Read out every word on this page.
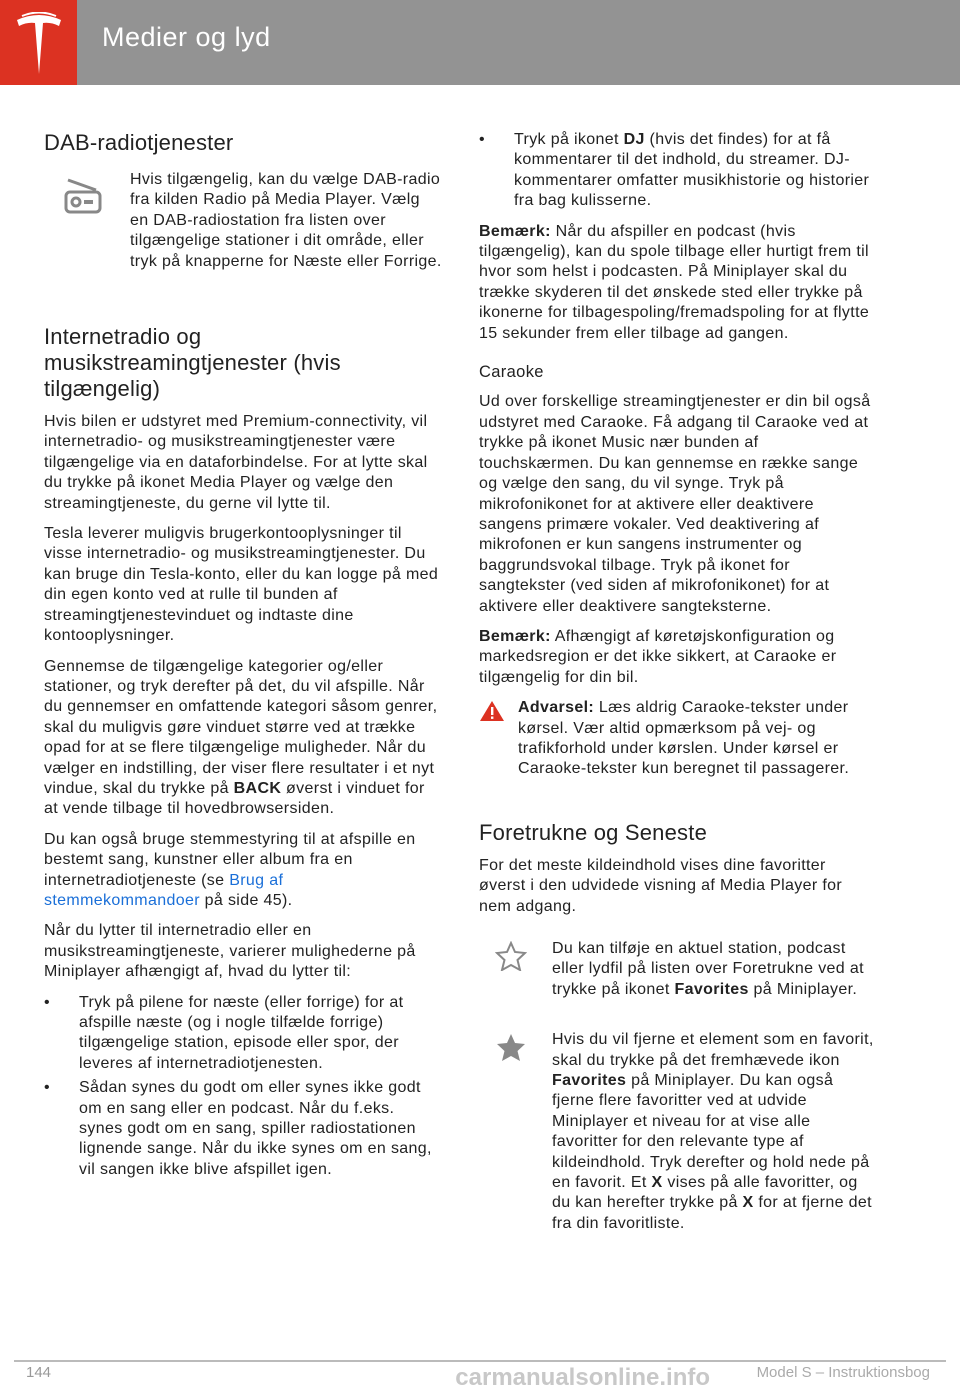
Medier og lyd
DAB-radiotjenester

Hvis tilgængelig, kan du vælge DAB-radio fra kilden Radio på Media Player. Vælg en DAB-radiostation fra listen over tilgængelige stationer i dit område, eller tryk på knapperne for Næste eller Forrige.

Internetradio og musikstreamingtjenester (hvis tilgængelig)

Hvis bilen er udstyret med Premium-connectivity, vil internetradio- og musikstreamingtjenester være tilgængelige via en dataforbindelse. For at lytte skal du trykke på ikonet Media Player og vælge den streamingtjeneste, du gerne vil lytte til.

Tesla leverer muligvis brugerkontooplysninger til visse internetradio- og musikstreamingtjenester. Du kan bruge din Tesla-konto, eller du kan logge på med din egen konto ved at rulle til bunden af streamingtjenestevinduet og indtaste dine kontooplysninger.

Gennemse de tilgængelige kategorier og/eller stationer, og tryk derefter på det, du vil afspille. Når du gennemser en omfattende kategori såsom genrer, skal du muligvis gøre vinduet større ved at trække opad for at se flere tilgængelige muligheder. Når du vælger en indstilling, der viser flere resultater i et nyt vindue, skal du trykke på BACK øverst i vinduet for at vende tilbage til hovedbrowsersiden.

Du kan også bruge stemmestyring til at afspille en bestemt sang, kunstner eller album fra en internetradiotjeneste (se Brug af stemmekommandoer på side 45).

Når du lytter til internetradio eller en musikstreamingtjeneste, varierer mulighederne på Miniplayer afhængigt af, hvad du lytter til:

• Tryk på pilene for næste (eller forrige) for at afspille næste (og i nogle tilfælde forrige) tilgængelige station, episode eller spor, der leveres af internetradiotjenesten.
• Sådan synes du godt om eller synes ikke godt om en sang eller en podcast. Når du f.eks. synes godt om en sang, spiller radiostationen lignende sange. Når du ikke synes om en sang, vil sangen ikke blive afspillet igen.
• Tryk på ikonet DJ (hvis det findes) for at få kommentarer til det indhold, du streamer. DJ-kommentarer omfatter musikhistorie og historier fra bag kulisserne.

Bemærk: Når du afspiller en podcast (hvis tilgængelig), kan du spole tilbage eller hurtigt frem til hvor som helst i podcasten. På Miniplayer skal du trække skyderen til det ønskede sted eller trykke på ikonerne for tilbagespoling/fremadspoling for at flytte 15 sekunder frem eller tilbage ad gangen.

Caraoke

Ud over forskellige streamingtjenester er din bil også udstyret med Caraoke. Få adgang til Caraoke ved at trykke på ikonet Music nær bunden af touchskærmen. Du kan gennemse en række sange og vælge den sang, du vil synge. Tryk på mikrofonikonet for at aktivere eller deaktivere sangens primære vokaler. Ved deaktivering af mikrofonen er kun sangens instrumenter og baggrundsvokal tilbage. Tryk på ikonet for sangtekster (ved siden af mikrofonikonet) for at aktivere eller deaktivere sangteksterne.

Bemærk: Afhængigt af køretøjskonfiguration og markedsregion er det ikke sikkert, at Caraoke er tilgængelig for din bil.

Advarsel: Læs aldrig Caraoke-tekster under kørsel. Vær altid opmærksom på vej- og trafikforhold under kørslen. Under kørsel er Caraoke-tekster kun beregnet til passagerer.

Foretrukne og Seneste

For det meste kildeindhold vises dine favoritter øverst i den udvidede visning af Media Player for nem adgang.

Du kan tilføje en aktuel station, podcast eller lydfil på listen over Foretrukne ved at trykke på ikonet Favorites på Miniplayer.

Hvis du vil fjerne et element som en favorit, skal du trykke på det fremhævede ikon Favorites på Miniplayer. Du kan også fjerne flere favoritter ved at udvide Miniplayer et niveau for at vise alle favoritter for den relevante type af kildeindhold. Tryk derefter og hold nede på en favorit. Et X vises på alle favoritter, og du kan herefter trykke på X for at fjerne det fra din favoritliste.

144	carmanualsonline.info	Model S – Instruktionsbog
